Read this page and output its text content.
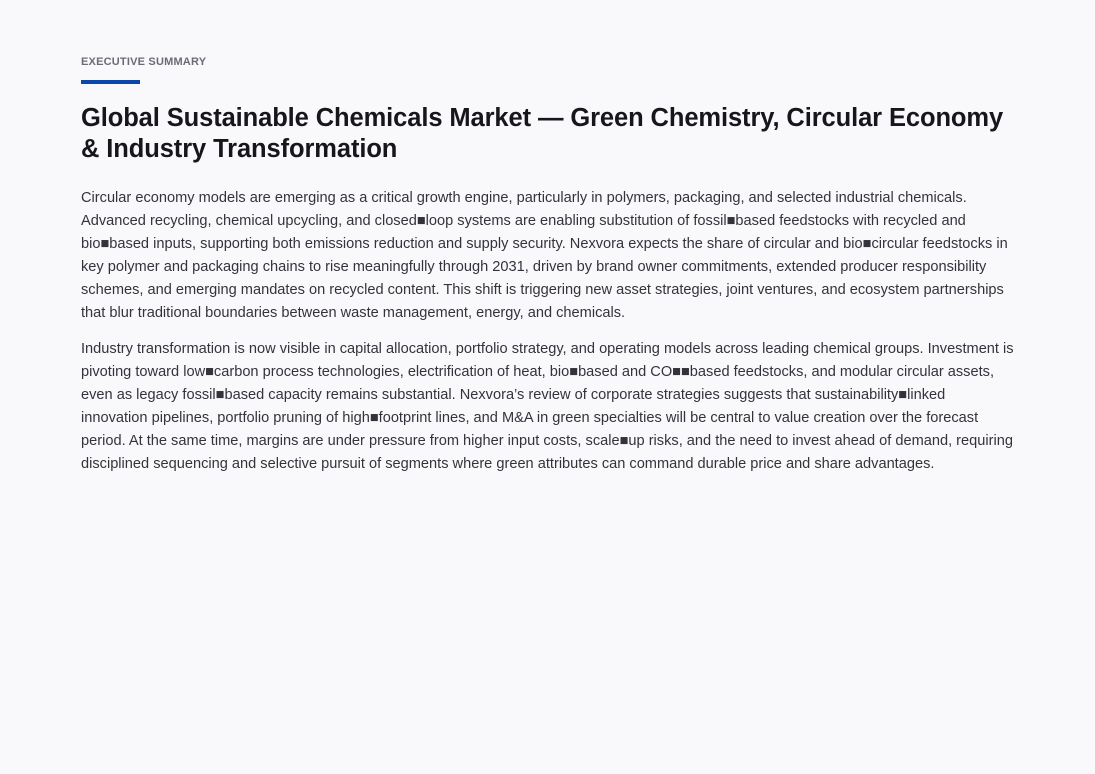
EXECUTIVE SUMMARY

Global Sustainable Chemicals Market — Green Chemistry, Circular Economy & Industry Transformation

Circular economy models are emerging as a critical growth engine, particularly in polymers, packaging, and selected industrial chemicals. Advanced recycling, chemical upcycling, and closed■loop systems are enabling substitution of fossil■based feedstocks with recycled and bio■based inputs, supporting both emissions reduction and supply security. Nexvora expects the share of circular and bio■circular feedstocks in key polymer and packaging chains to rise meaningfully through 2031, driven by brand owner commitments, extended producer responsibility schemes, and emerging mandates on recycled content. This shift is triggering new asset strategies, joint ventures, and ecosystem partnerships that blur traditional boundaries between waste management, energy, and chemicals.

Industry transformation is now visible in capital allocation, portfolio strategy, and operating models across leading chemical groups. Investment is pivoting toward low■carbon process technologies, electrification of heat, bio■based and CO■■based feedstocks, and modular circular assets, even as legacy fossil■based capacity remains substantial. Nexvora’s review of corporate strategies suggests that sustainability■linked innovation pipelines, portfolio pruning of high■footprint lines, and M&A in green specialties will be central to value creation over the forecast period. At the same time, margins are under pressure from higher input costs, scale■up risks, and the need to invest ahead of demand, requiring disciplined sequencing and selective pursuit of segments where green attributes can command durable price and share advantages.
